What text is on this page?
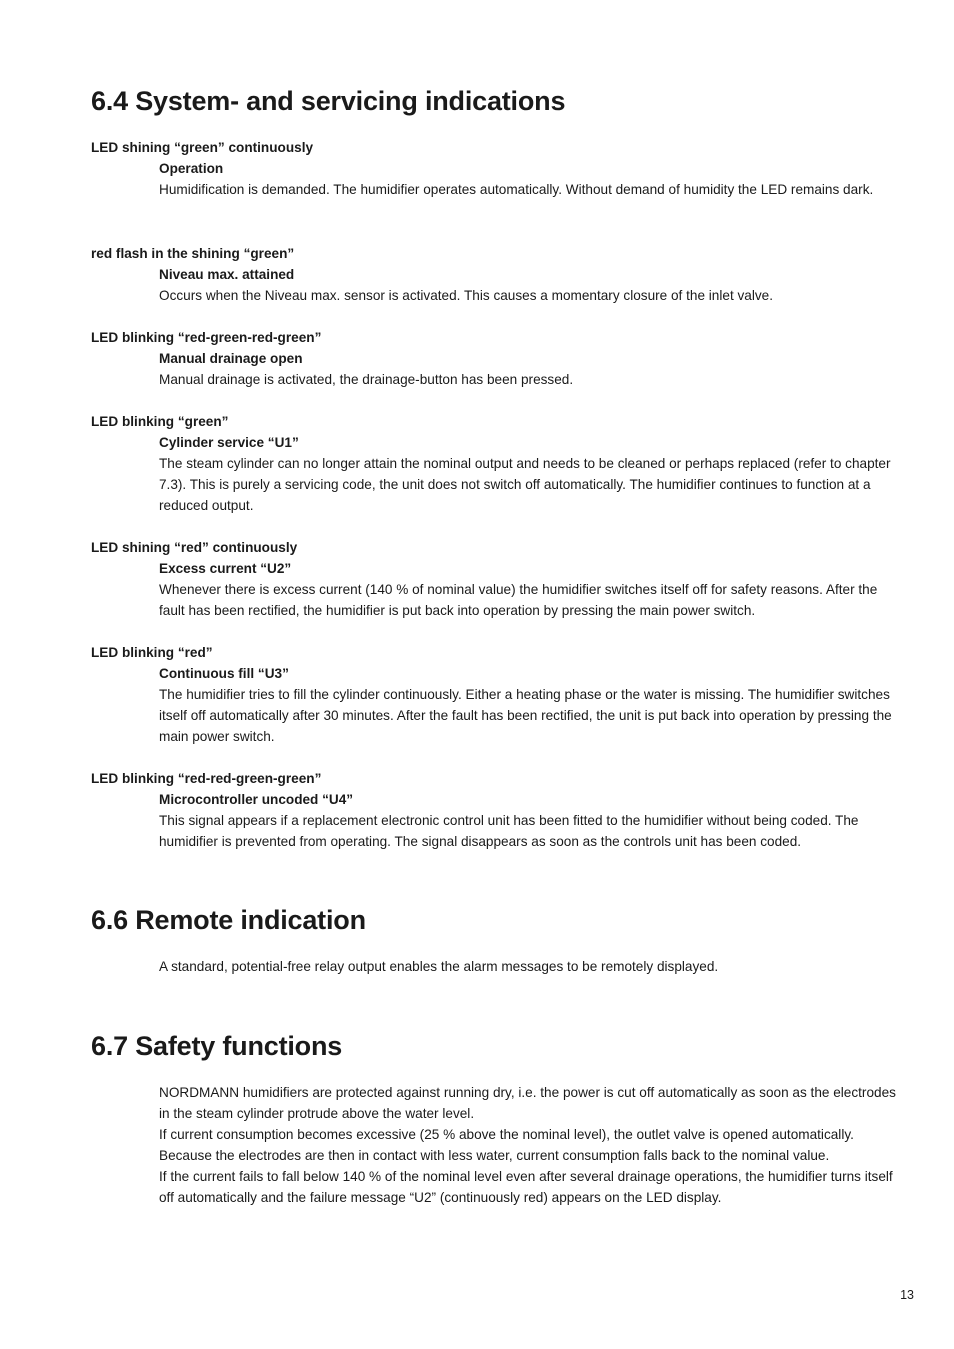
6.4 System- and servicing indications
LED shining “green” continuously
Operation
Humidification is demanded. The humidifier operates automatically. Without demand of humidity the LED remains dark.
red flash in the shining “green”
Niveau max. attained
Occurs when the Niveau max. sensor is activated. This causes a momentary closure of the inlet valve.
LED blinking “red-green-red-green”
Manual drainage open
Manual drainage is activated, the drainage-button has been pressed.
LED blinking “green”
Cylinder service “U1”
The steam cylinder can no longer attain the nominal output and needs to be cleaned or perhaps replaced (refer to chapter 7.3). This is purely a servicing code, the unit does not switch off automatically. The humidifier continues to function at a reduced output.
LED shining “red” continuously
Excess current “U2”
Whenever there is excess current (140 % of nominal value) the humidifier switches itself off for safety reasons. After the fault has been rectified, the humidifier is put back into operation by pressing the main power switch.
LED blinking “red”
Continuous fill “U3”
The humidifier tries to fill the cylinder continuously. Either a heating phase or the water is missing. The humidifier switches itself off automatically after 30 minutes. After the fault has been rectified, the unit is put back into operation by pressing the main power switch.
LED blinking “red-red-green-green”
Microcontroller uncoded “U4”
This signal appears if a replacement electronic control unit has been fitted to the humidifier without being coded. The humidifier is prevented from operating. The signal disappears as soon as the controls unit has been coded.
6.6 Remote indication
A standard, potential-free relay output enables the alarm messages to be remotely displayed.
6.7 Safety functions
NORDMANN humidifiers are protected against running dry, i.e. the power is cut off automatically as soon as the electrodes in the steam cylinder protrude above the water level.
If current consumption becomes excessive (25 % above the nominal level), the outlet valve is opened automatically. Because the electrodes are then in contact with less water, current consumption falls back to the nominal value.
If the current fails to fall below 140 % of the nominal level even after several drainage operations, the humidifier turns itself off automatically and the failure message “U2” (continuously red) appears on the LED display.
13
